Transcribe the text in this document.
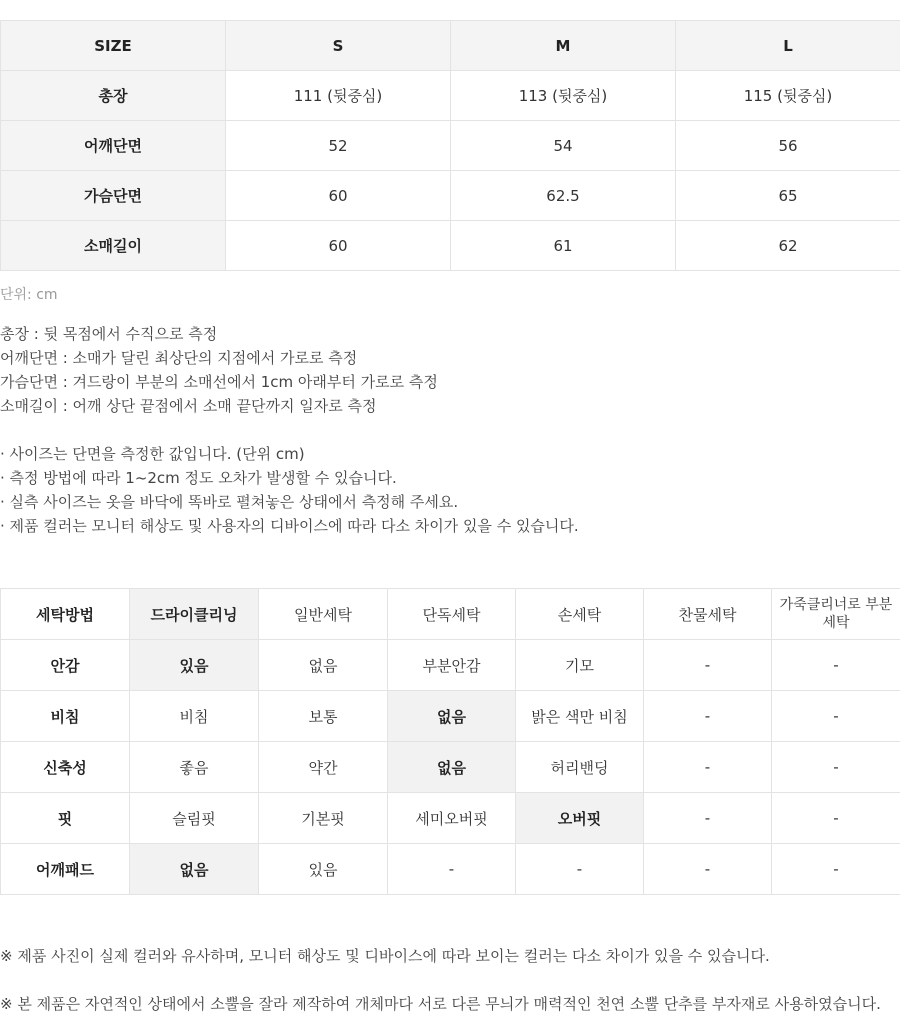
SIZE	S	M	L
총장	111 (뒷중심)	113 (뒷중심)	115 (뒷중심)
어깨단면	52	54	56
가슴단면	60	62.5	65
소매길이	60	61	62
단위: cm
총장 : 뒷 목점에서 수직으로 측정
어깨단면 : 소매가 달린 최상단의 지점에서 가로로 측정
가슴단면 : 겨드랑이 부분의 소매선에서 1cm 아래부터 가로로 측정
소매길이 : 어깨 상단 끝점에서 소매 끝단까지 일자로 측정
· 사이즈는 단면을 측정한 값입니다. (단위 cm)
· 측정 방법에 따라 1~2cm 정도 오차가 발생할 수 있습니다.
· 실측 사이즈는 옷을 바닥에 똑바로 펼쳐놓은 상태에서 측정해 주세요.
· 제품 컬러는 모니터 해상도 및 사용자의 디바이스에 따라 다소 차이가 있을 수 있습니다.
세탁방법	드라이클리닝	일반세탁	단독세탁	손세탁	찬물세탁	가죽클리너로 부분세탁
안감	있음	없음	부분안감	기모	-	-
비침	비침	보통	없음	밝은 색만 비침	-	-
신축성	좋음	약간	없음	허리밴딩	-	-
핏	슬림핏	기본핏	세미오버핏	오버핏	-	-
어깨패드	없음	있음	-	-	-	-
※ 제품 사진이 실제 컬러와 유사하며, 모니터 해상도 및 디바이스에 따라 보이는 컬러는 다소 차이가 있을 수 있습니다.
※ 본 제품은 자연적인 상태에서 소뿔을 잘라 제작하여 개체마다 서로 다른 무늬가 매력적인 천연 소뿔 단추를 부자재로 사용하였습니다.
